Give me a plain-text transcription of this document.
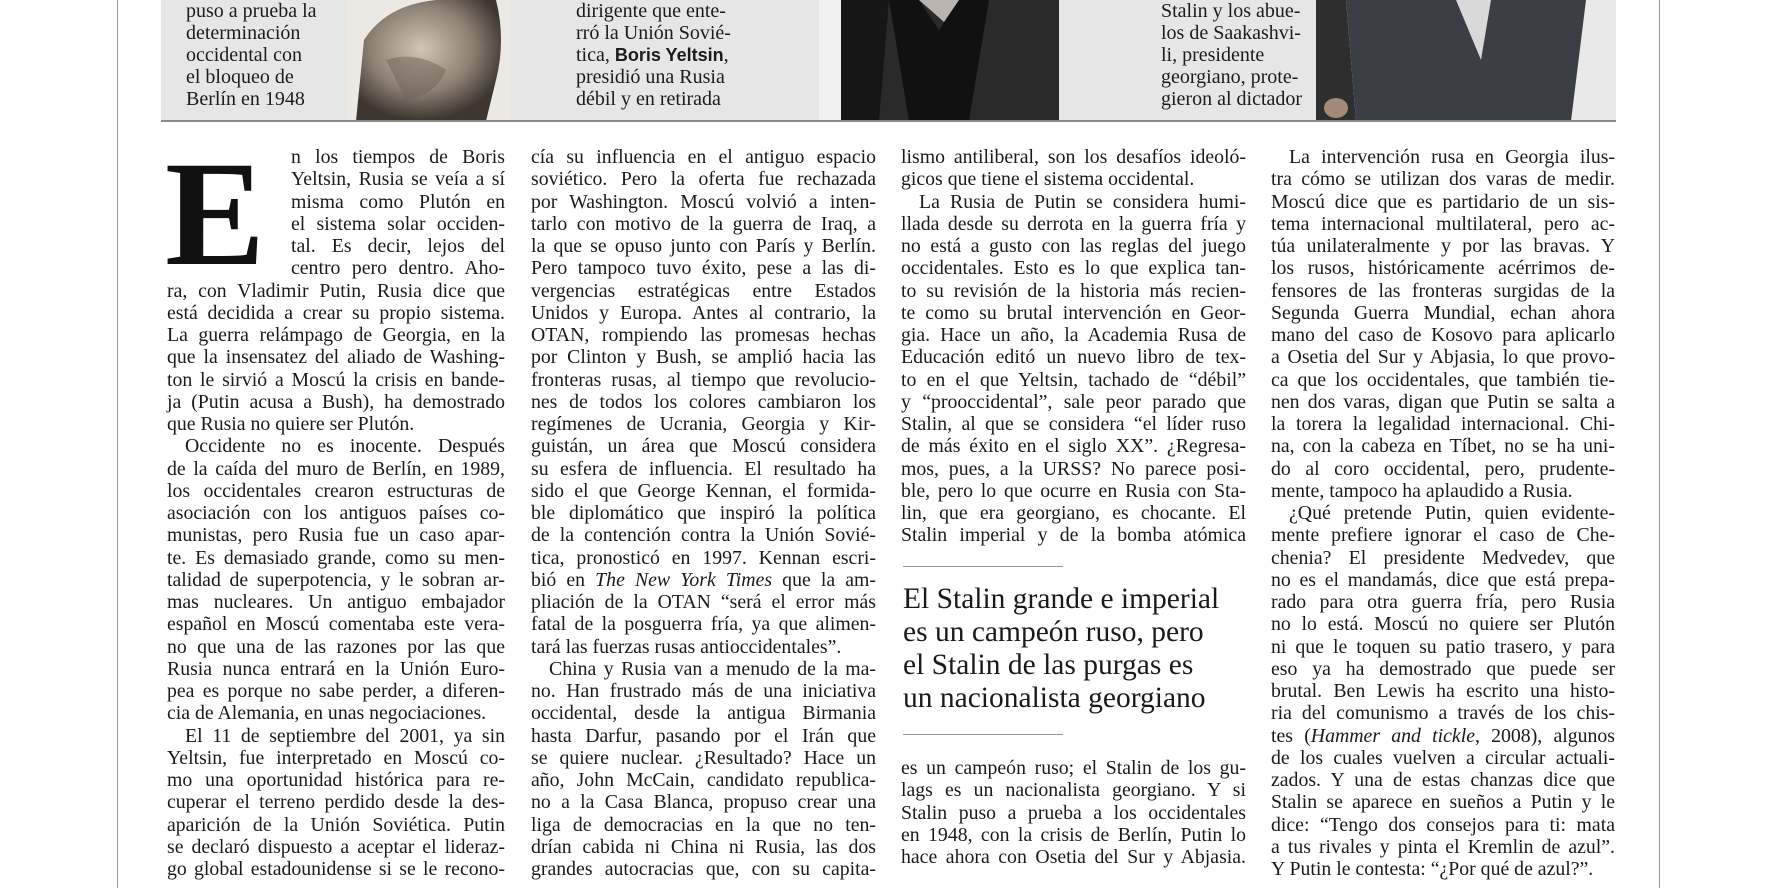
puso a prueba la
determinación
occidental con
el bloqueo de
Berlín en 1948
dirigente que ente-
rró la Unión Sovié-
tica, Boris Yeltsin,
presidió una Rusia
débil y en retirada
Stalin y los abue-
los de Saakashvi-
li, presidente
georgiano, prote-
gieron al dictador
E	n los tiempos de Boris
Yeltsin, Rusia se veía a sí
misma como Plutón en
el sistema solar occiden-
tal. Es decir, lejos del
centro pero dentro. Aho-
ra, con Vladimir Putin, Rusia dice que
está decidida a crear su propio sistema.
La guerra relámpago de Georgia, en la
que la insensatez del aliado de Washing-
ton le sirvió a Moscú la crisis en bande-
ja (Putin acusa a Bush), ha demostrado
que Rusia no quiere ser Plutón.
Occidente no es inocente. Después
de la caída del muro de Berlín, en 1989,
los occidentales crearon estructuras de
asociación con los antiguos países co-
munistas, pero Rusia fue un caso apar-
te. Es demasiado grande, como su men-
talidad de superpotencia, y le sobran ar-
mas nucleares. Un antiguo embajador
español en Moscú comentaba este vera-
no que una de las razones por las que
Rusia nunca entrará en la Unión Euro-
pea es porque no sabe perder, a diferen-
cia de Alemania, en unas negociaciones.
El 11 de septiembre del 2001, ya sin
Yeltsin, fue interpretado en Moscú co-
mo una oportunidad histórica para re-
cuperar el terreno perdido desde la des-
aparición de la Unión Soviética. Putin
se declaró dispuesto a aceptar el lideraz-
go global estadounidense si se le recono-
cía su influencia en el antiguo espacio
soviético. Pero la oferta fue rechazada
por Washington. Moscú volvió a inten-
tarlo con motivo de la guerra de Iraq, a
la que se opuso junto con París y Berlín.
Pero tampoco tuvo éxito, pese a las di-
vergencias estratégicas entre Estados
Unidos y Europa. Antes al contrario, la
OTAN, rompiendo las promesas hechas
por Clinton y Bush, se amplió hacia las
fronteras rusas, al tiempo que revolucio-
nes de todos los colores cambiaron los
regímenes de Ucrania, Georgia y Kir-
guistán, un área que Moscú considera
su esfera de influencia. El resultado ha
sido el que George Kennan, el formida-
ble diplomático que inspiró la política
de la contención contra la Unión Sovié-
tica, pronosticó en 1997. Kennan escri-
bió en The New York Times que la am-
pliación de la OTAN “será el error más
fatal de la posguerra fría, ya que alimen-
tará las fuerzas rusas antioccidentales”.
China y Rusia van a menudo de la ma-
no. Han frustrado más de una iniciativa
occidental, desde la antigua Birmania
hasta Darfur, pasando por el Irán que
se quiere nuclear. ¿Resultado? Hace un
año, John McCain, candidato republica-
no a la Casa Blanca, propuso crear una
liga de democracias en la que no ten-
drían cabida ni China ni Rusia, las dos
grandes autocracias que, con su capita-
lismo antiliberal, son los desafíos ideoló-
gicos que tiene el sistema occidental.
La Rusia de Putin se considera humi-
llada desde su derrota en la guerra fría y
no está a gusto con las reglas del juego
occidentales. Esto es lo que explica tan-
to su revisión de la historia más recien-
te como su brutal intervención en Geor-
gia. Hace un año, la Academia Rusa de
Educación editó un nuevo libro de tex-
to en el que Yeltsin, tachado de “débil”
y “prooccidental”, sale peor parado que
Stalin, al que se considera “el líder ruso
de más éxito en el siglo XX”. ¿Regresa-
mos, pues, a la URSS? No parece posi-
ble, pero lo que ocurre en Rusia con Sta-
lin, que era georgiano, es chocante. El
Stalin imperial y de la bomba atómica
El Stalin grande e imperial
es un campeón ruso, pero
el Stalin de las purgas es
un nacionalista georgiano
es un campeón ruso; el Stalin de los gu-
lags es un nacionalista georgiano. Y si
Stalin puso a prueba a los occidentales
en 1948, con la crisis de Berlín, Putin lo
hace ahora con Osetia del Sur y Abjasia.
La intervención rusa en Georgia ilus-
tra cómo se utilizan dos varas de medir.
Moscú dice que es partidario de un sis-
tema internacional multilateral, pero ac-
túa unilateralmente y por las bravas. Y
los rusos, históricamente acérrimos de-
fensores de las fronteras surgidas de la
Segunda Guerra Mundial, echan ahora
mano del caso de Kosovo para aplicarlo
a Osetia del Sur y Abjasia, lo que provo-
ca que los occidentales, que también tie-
nen dos varas, digan que Putin se salta a
la torera la legalidad internacional. Chi-
na, con la cabeza en Tíbet, no se ha uni-
do al coro occidental, pero, prudente-
mente, tampoco ha aplaudido a Rusia.
¿Qué pretende Putin, quien evidente-
mente prefiere ignorar el caso de Che-
chenia? El presidente Medvedev, que
no es el mandamás, dice que está prepa-
rado para otra guerra fría, pero Rusia
no lo está. Moscú no quiere ser Plutón
ni que le toquen su patio trasero, y para
eso ya ha demostrado que puede ser
brutal. Ben Lewis ha escrito una histo-
ria del comunismo a través de los chis-
tes (Hammer and tickle, 2008), algunos
de los cuales vuelven a circular actuali-
zados. Y una de estas chanzas dice que
Stalin se aparece en sueños a Putin y le
dice: “Tengo dos consejos para ti: mata
a tus rivales y pinta el Kremlin de azul”.
Y Putin le contesta: “¿Por qué de azul?”.
